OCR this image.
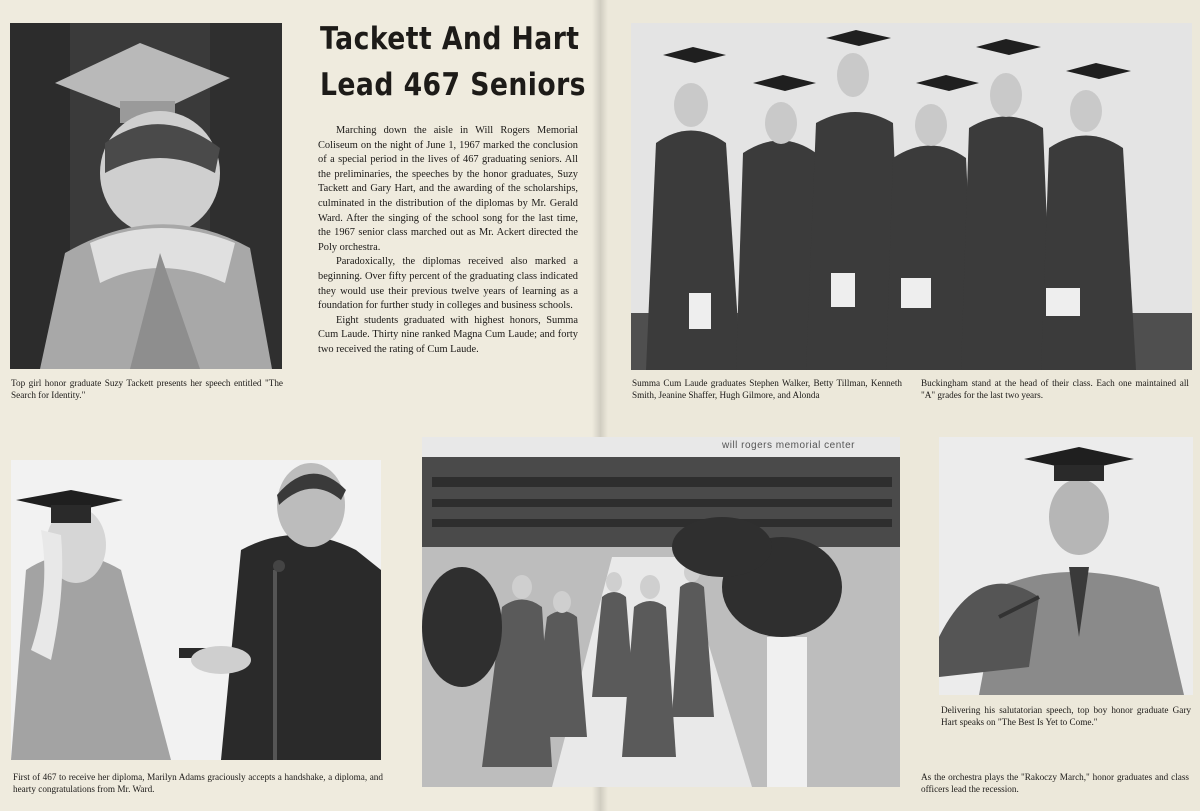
Top girl honor graduate Suzy Tackett presents her speech entitled "The Search for Identity."

Tackett And Hart
Lead 467 Seniors

Marching down the aisle in Will Rogers Memorial Coliseum on the night of June 1, 1967 marked the conclusion of a special period in the lives of 467 graduating seniors. All the preliminaries, the speeches by the honor graduates, Suzy Tackett and Gary Hart, and the awarding of the scholarships, culminated in the distribution of the diplomas by Mr. Gerald Ward. After the singing of the school song for the last time, the 1967 senior class marched out as Mr. Ackert directed the Poly orchestra.

Paradoxically, the diplomas received also marked a beginning. Over fifty percent of the graduating class indicated they would use their previous twelve years of learning as a foundation for further study in colleges and business schools.

Eight students graduated with highest honors, Summa Cum Laude. Thirty nine ranked Magna Cum Laude; and forty two received the rating of Cum Laude.

Summa Cum Laude graduates Stephen Walker, Betty Tillman, Kenneth Smith, Jeanine Shaffer, Hugh Gilmore, and Alonda

Buckingham stand at the head of their class. Each one maintained all "A" grades for the last two years.

First of 467 to receive her diploma, Marilyn Adams graciously accepts a handshake, a diploma, and hearty congratulations from Mr. Ward.

will rogers memorial center

As the orchestra plays the "Rakoczy March," honor graduates and class officers lead the recession.

Delivering his salutatorian speech, top boy honor graduate Gary Hart speaks on "The Best Is Yet to Come."
